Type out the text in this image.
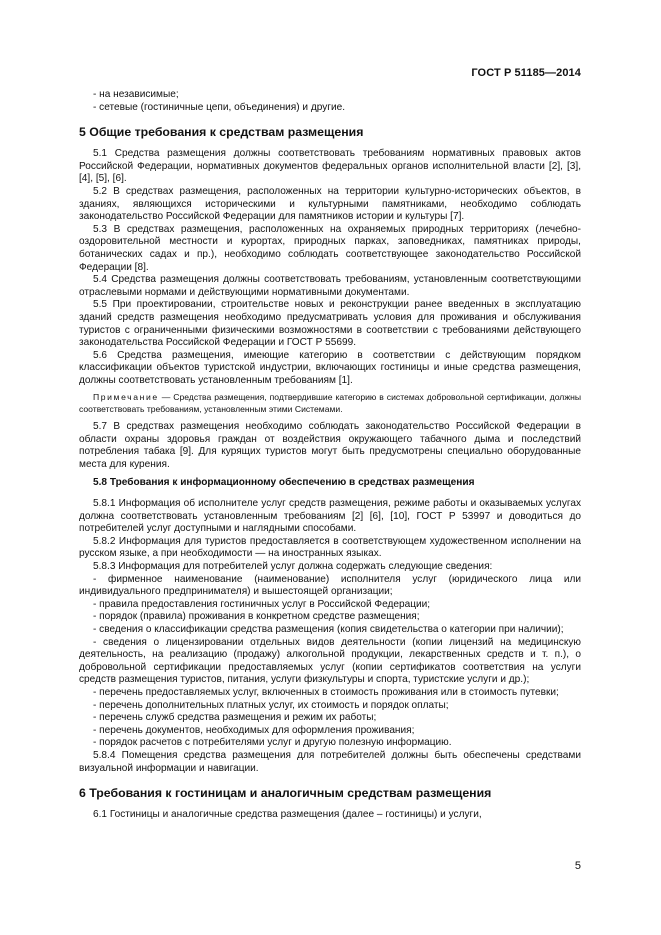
ГОСТ Р 51185—2014

- на независимые;

- сетевые (гостиничные цепи, объединения) и другие.

5 Общие требования к средствам размещения

5.1 Средства размещения должны соответствовать требованиям нормативных правовых актов Российской Федерации, нормативных документов федеральных органов исполнительной власти [2], [3], [4], [5], [6].

5.2 В средствах размещения, расположенных на территории культурно-исторических объектов, в зданиях, являющихся историческими и культурными памятниками, необходимо соблюдать законодательство Российской Федерации для памятников истории и культуры [7].

5.3 В средствах размещения, расположенных на охраняемых природных территориях (лечебно-оздоровительной местности и курортах, природных парках, заповедниках, памятниках природы, ботанических садах и пр.), необходимо соблюдать соответствующее законодательство Российской Федерации [8].

5.4 Средства размещения должны соответствовать требованиям, установленным соответствующими отраслевыми нормами и действующими нормативными документами.

5.5 При проектировании, строительстве новых и реконструкции ранее введенных в эксплуатацию зданий средств размещения необходимо предусматривать условия для проживания и обслуживания туристов с ограниченными физическими возможностями в соответствии с требованиями действующего законодательства Российской Федерации и ГОСТ Р 55699.

5.6 Средства размещения, имеющие категорию в соответствии с действующим порядком классификации объектов туристской индустрии, включающих гостиницы и иные средства размещения, должны соответствовать установленным требованиям [1].

Примечание — Средства размещения, подтвердившие категорию в системах добровольной сертификации, должны соответствовать требованиям, установленным этими Системами.

5.7 В средствах размещения необходимо соблюдать законодательство Российской Федерации в области охраны здоровья граждан от воздействия окружающего табачного дыма и последствий потребления табака [9]. Для курящих туристов могут быть предусмотрены специально оборудованные места для курения.

5.8 Требования к информационному обеспечению в средствах размещения

5.8.1 Информация об исполнителе услуг средств размещения, режиме работы и оказываемых услугах должна соответствовать установленным требованиям [2] [6], [10], ГОСТ Р 53997 и доводиться до потребителей услуг доступными и наглядными способами.

5.8.2 Информация для туристов предоставляется в соответствующем художественном исполнении на русском языке, а при необходимости — на иностранных языках.

5.8.3 Информация для потребителей услуг должна содержать следующие сведения:

- фирменное наименование (наименование) исполнителя услуг (юридического лица или индивидуального предпринимателя) и вышестоящей организации;

- правила предоставления гостиничных услуг в Российской Федерации;

- порядок (правила) проживания в конкретном средстве размещения;

- сведения о классификации средства размещения (копия свидетельства о категории при наличии);

- сведения о лицензировании отдельных видов деятельности (копии лицензий на медицинскую деятельность, на реализацию (продажу) алкогольной продукции, лекарственных средств и т. п.), о добровольной сертификации предоставляемых услуг (копии сертификатов соответствия на услуги средств размещения туристов, питания, услуги физкультуры и спорта, туристские услуги и др.);

- перечень предоставляемых услуг, включенных в стоимость проживания или в стоимость путевки;

- перечень дополнительных платных услуг, их стоимость и порядок оплаты;

- перечень служб средства размещения и режим их работы;

- перечень документов, необходимых для оформления проживания;

- порядок расчетов с потребителями услуг и другую полезную информацию.

5.8.4 Помещения средства размещения для потребителей должны быть обеспечены средствами визуальной информации и навигации.

6 Требования к гостиницам и аналогичным средствам размещения

6.1 Гостиницы и аналогичные средства размещения (далее – гостиницы) и услуги,

5
